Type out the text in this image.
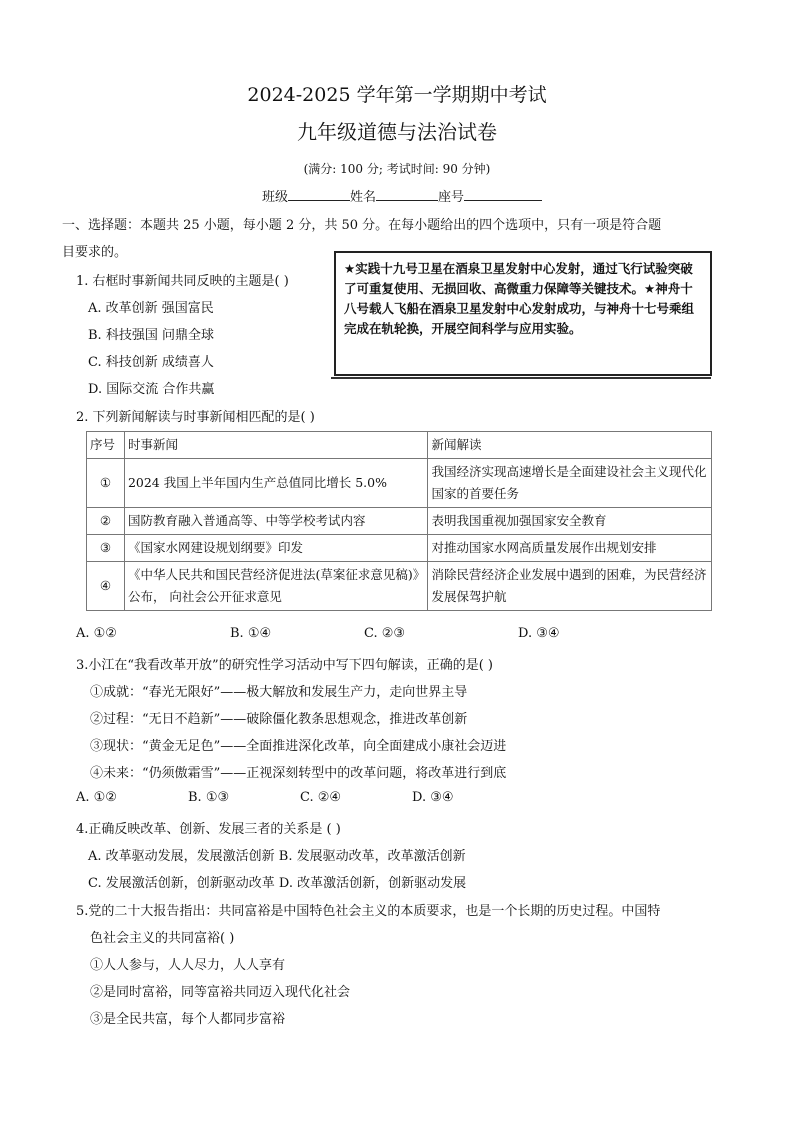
2024-2025 学年第一学期期中考试
九年级道德与法治试卷
(满分: 100 分; 考试时间: 90 分钟)
班级	姓名	座号
一、选择题：本题共 25 小题，每小题 2 分，共 50 分。在每小题给出的四个选项中，只有一项是符合题
目要求的。
1. 右框时事新闻共同反映的主题是( )
A. 改革创新 强国富民
B. 科技强国 问鼎全球
C. 科技创新 成绩喜人
D. 国际交流 合作共赢
★实践十九号卫星在酒泉卫星发射中心发射，通过飞行试验突破了可重复使用、无损回收、高微重力保障等关键技术。★神舟十八号载人飞船在酒泉卫星发射中心发射成功，与神舟十七号乘组完成在轨轮换，开展空间科学与应用实验。
2. 下列新闻解读与时事新闻相匹配的是( )
序号	时事新闻	新闻解读
①	2024 我国上半年国内生产总值同比增长 5.0%	我国经济实现高速增长是全面建设社会主义现代化国家的首要任务
②	国防教育融入普通高等、中等学校考试内容	表明我国重视加强国家安全教育
③	《国家水网建设规划纲要》印发	对推动国家水网高质量发展作出规划安排
④	《中华人民共和国民营经济促进法(草案征求意见稿)》公布， 向社会公开征求意见	消除民营经济企业发展中遇到的困难，为民营经济发展保驾护航
A. ①②	B. ①④	C. ②③	D. ③④
3.小江在“我看改革开放”的研究性学习活动中写下四句解读，正确的是( )
①成就：“春光无限好”——极大解放和发展生产力，走向世界主导
②过程：“无日不趋新”——破除僵化教条思想观念，推进改革创新
③现状：“黄金无足色”——全面推进深化改革，向全面建成小康社会迈进
④未来：“仍须傲霜雪”——正视深刻转型中的改革问题，将改革进行到底
A. ①②	B. ①③	C. ②④	D. ③④
4.正确反映改革、创新、发展三者的关系是 ( )
A. 改革驱动发展，发展激活创新 B. 发展驱动改革，改革激活创新
C. 发展激活创新，创新驱动改革 D. 改革激活创新，创新驱动发展
5.党的二十大报告指出：共同富裕是中国特色社会主义的本质要求，也是一个长期的历史过程。中国特
色社会主义的共同富裕( )
①人人参与，人人尽力，人人享有
②是同时富裕，同等富裕共同迈入现代化社会
③是全民共富，每个人都同步富裕
